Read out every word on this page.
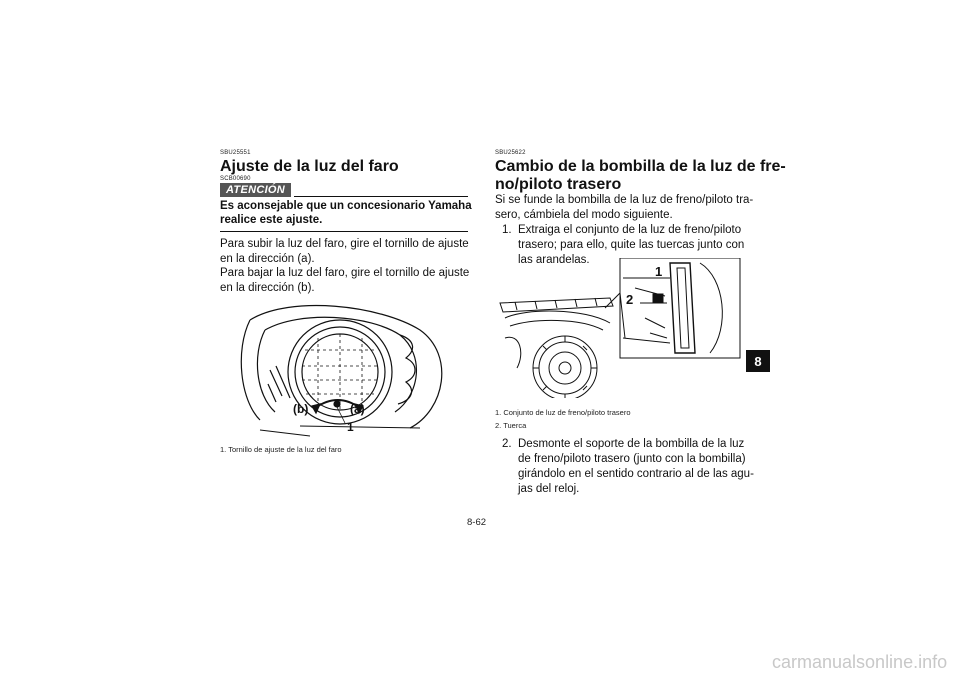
SBU25551
Ajuste de la luz del faro
SCB00690
ATENCIÓN
Es aconsejable que un concesionario Yamaha
realice este ajuste.
Para subir la luz del faro, gire el tornillo de ajuste
en la dirección (a).
Para bajar la luz del faro, gire el tornillo de ajuste
en la dirección (b).
(b)	(a)
1
1. Tornillo de ajuste de la luz del faro
SBU25622
Cambio de la bombilla de la luz de fre-
no/piloto trasero
Si se funde la bombilla de la luz de freno/piloto tra-
sero, cámbiela del modo siguiente.
1. Extraiga el conjunto de la luz de freno/piloto
trasero; para ello, quite las tuercas junto con
las arandelas.
1
2
1. Conjunto de luz de freno/piloto trasero
2. Tuerca
2. Desmonte el soporte de la bombilla de la luz
de freno/piloto trasero (junto con la bombilla)
girándolo en el sentido contrario al de las agu-
jas del reloj.
8
8-62
carmanualsonline.info
